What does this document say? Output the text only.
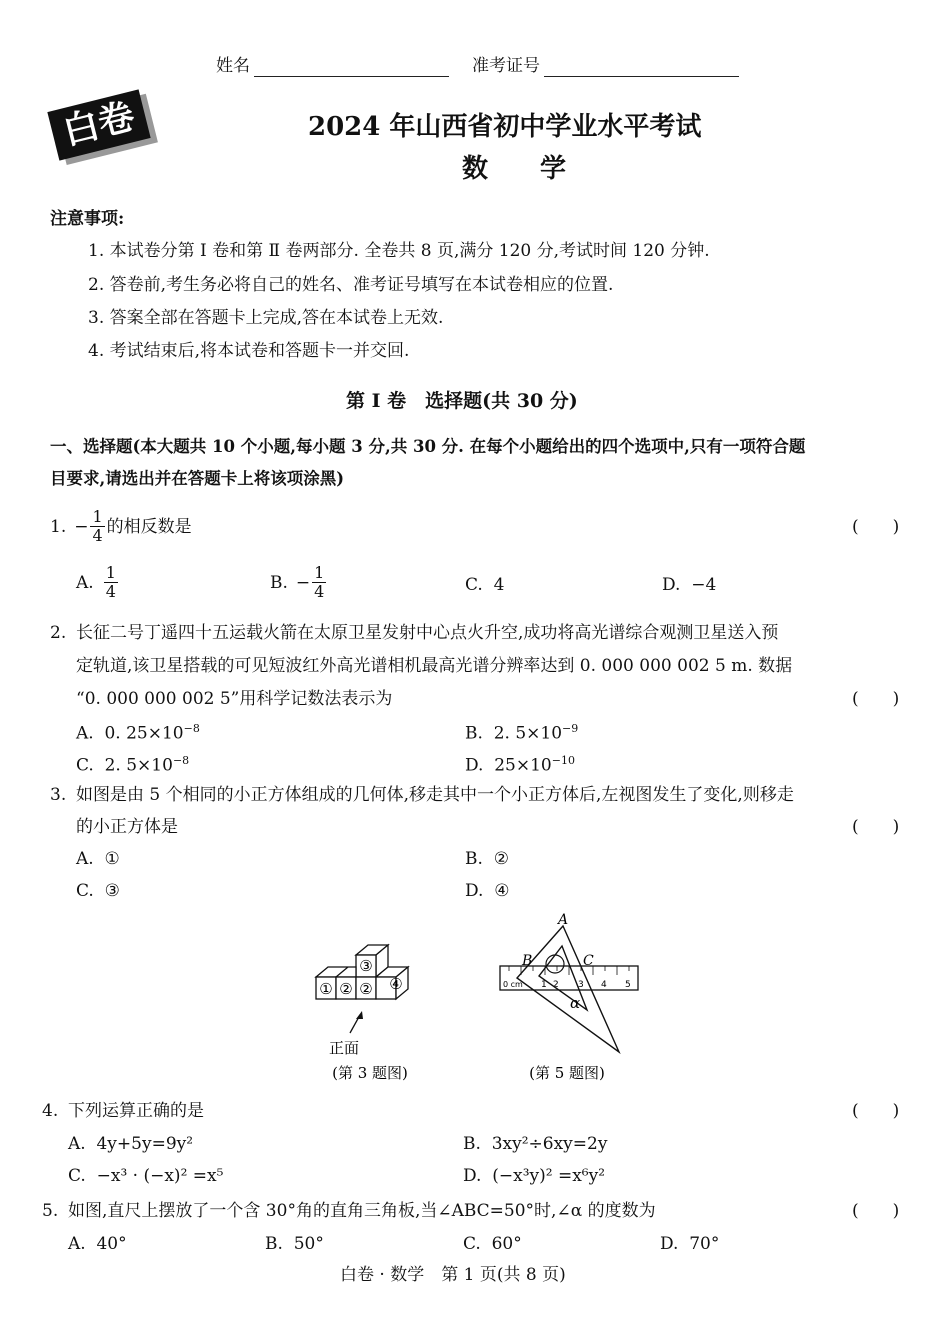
姓名	准考证号
白卷	2024 年山西省初中学业水平考试
数　　学
注意事项:
1. 本试卷分第 Ⅰ 卷和第 Ⅱ 卷两部分. 全卷共 8 页,满分 120 分,考试时间 120 分钟.
2. 答卷前,考生务必将自己的姓名、准考证号填写在本试卷相应的位置.
3. 答案全部在答题卡上完成,答在本试卷上无效.
4. 考试结束后,将本试卷和答题卡一并交回.
第 Ⅰ 卷　选择题(共 30 分)
一、选择题(本大题共 10 个小题,每小题 3 分,共 30 分. 在每个小题给出的四个选项中,只有一项符合题
目要求,请选出并在答题卡上将该项涂黑)
1. − $\frac{1}{4}$ 的相反数是	(　　)
A. $\frac{1}{4}$	B. − $\frac{1}{4}$	C.  4	D.  −4
2. 长征二号丁遥四十五运载火箭在太原卫星发射中心点火升空,成功将高光谱综合观测卫星送入预
定轨道,该卫星搭载的可见短波红外高光谱相机最高光谱分辨率达到 0. 000 000 002 5 m. 数据
“0. 000 000 002 5”用科学记数法表示为	(　　)
A.  0. $25\times 10^{-8}$	B.  2. $5\times 10^{-9}$
C.  2. $5\times 10^{-8}$	D.  $25\times 10^{-10}$
3. 如图是由 5 个相同的小正方体组成的几何体,移走其中一个小正方体后,左视图发生了变化,则移走
的小正方体是	(　　)
A.  ①	B.  ②
C.  ③	D.  ④
③
① ② ② ④
正面
(第 3 题图)
0 cm 1 2 3 4 5
A
B	C
α
(第 5 题图)
4. 下列运算正确的是	(　　)
A.  4y+5y=9y²	B.  3xy²÷6xy=2y
C.  −x³ · (−x)² =x⁵	D.  (−x³y)² =x⁶y²
5. 如图,直尺上摆放了一个含 30°角的直角三角板,当∠ABC=50°时,∠α 的度数为	(　　)
A.  40°	B.  50°	C.  60°	D.  70°
白卷 · 数学　第 1 页(共 8 页)
